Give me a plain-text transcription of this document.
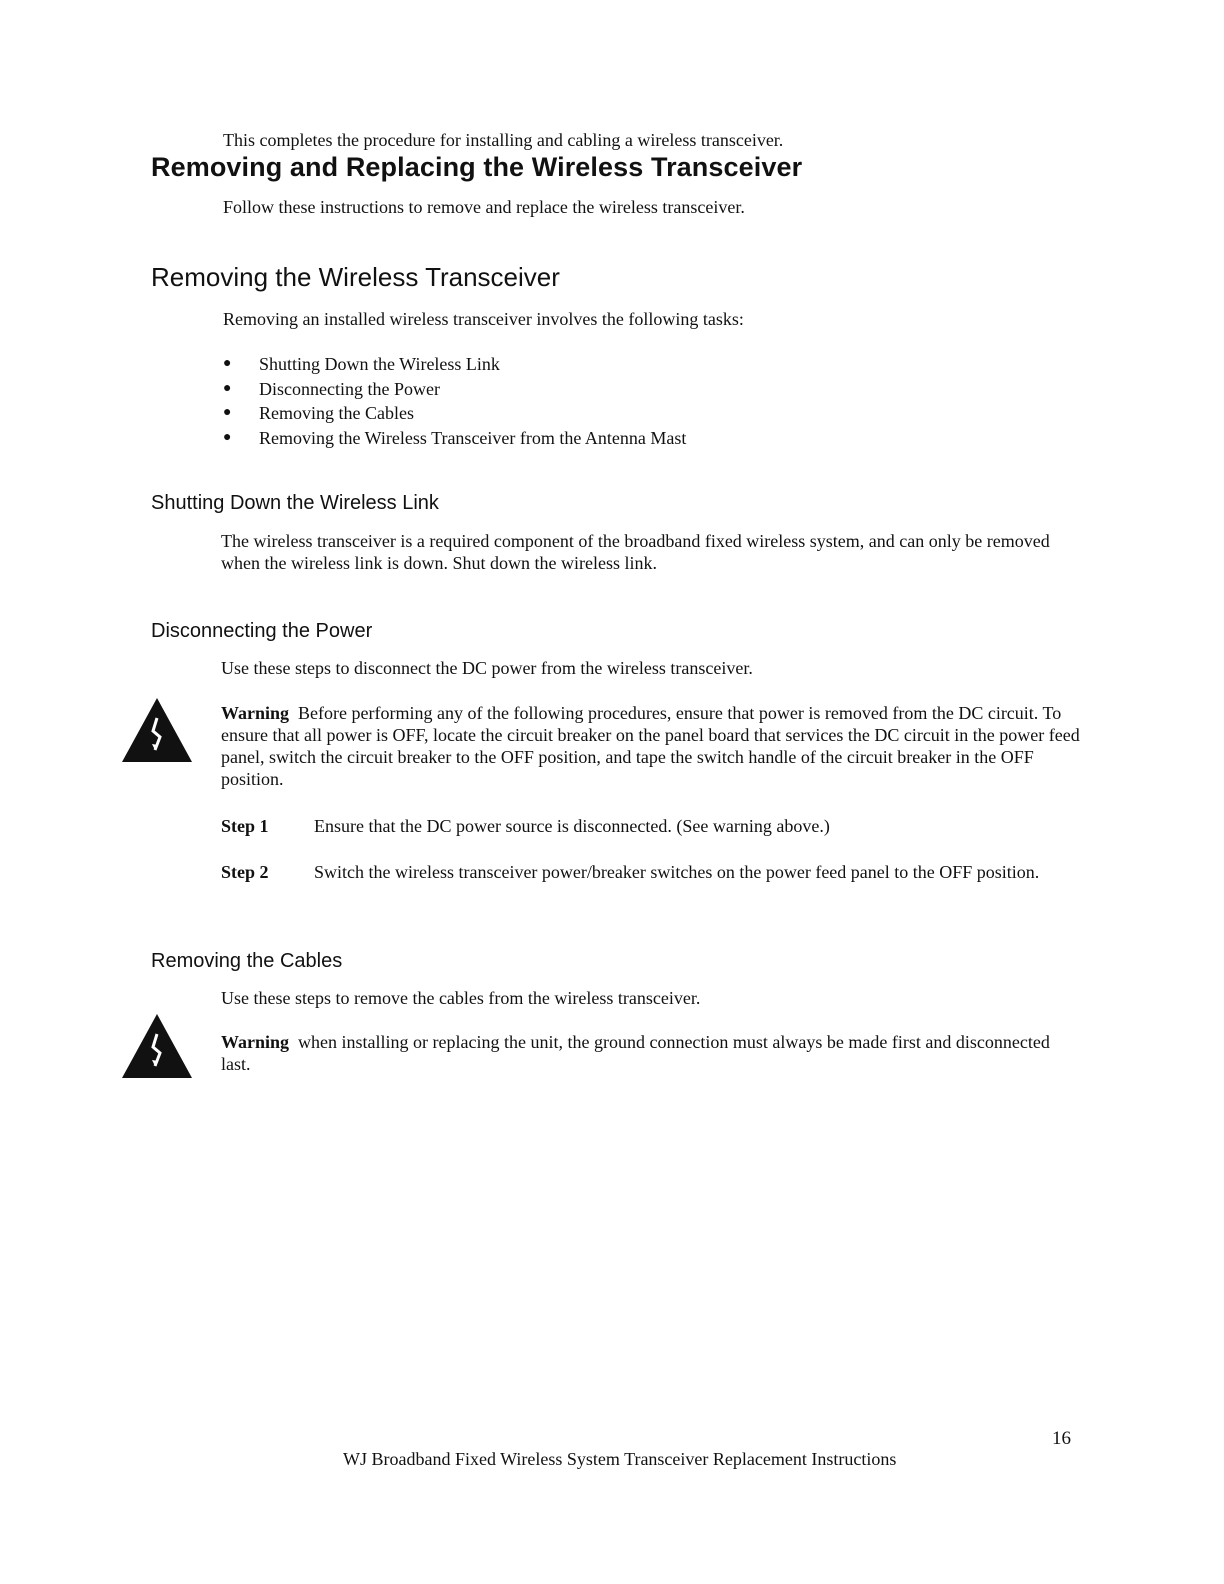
This completes the procedure for installing and cabling a wireless transceiver.
Removing and Replacing the Wireless Transceiver
Follow these instructions to remove and replace the wireless transceiver.
Removing the Wireless Transceiver
Removing an installed wireless transceiver involves the following tasks:
● Shutting Down the Wireless Link
● Disconnecting the Power
● Removing the Cables
● Removing the Wireless Transceiver from the Antenna Mast
Shutting Down the Wireless Link
The wireless transceiver is a required component of the broadband fixed wireless system, and can only be removed when the wireless link is down. Shut down the wireless link.
Disconnecting the Power
Use these steps to disconnect the DC power from the wireless transceiver.
Warning Before performing any of the following procedures, ensure that power is removed from the DC circuit. To ensure that all power is OFF, locate the circuit breaker on the panel board that services the DC circuit in the power feed panel, switch the circuit breaker to the OFF position, and tape the switch handle of the circuit breaker in the OFF position.
Step 1	Ensure that the DC power source is disconnected. (See warning above.)
Step 2	Switch the wireless transceiver power/breaker switches on the power feed panel to the OFF position.
Removing the Cables
Use these steps to remove the cables from the wireless transceiver.
Warning when installing or replacing the unit, the ground connection must always be made first and disconnected last.
16
WJ Broadband Fixed Wireless System Transceiver Replacement Instructions
